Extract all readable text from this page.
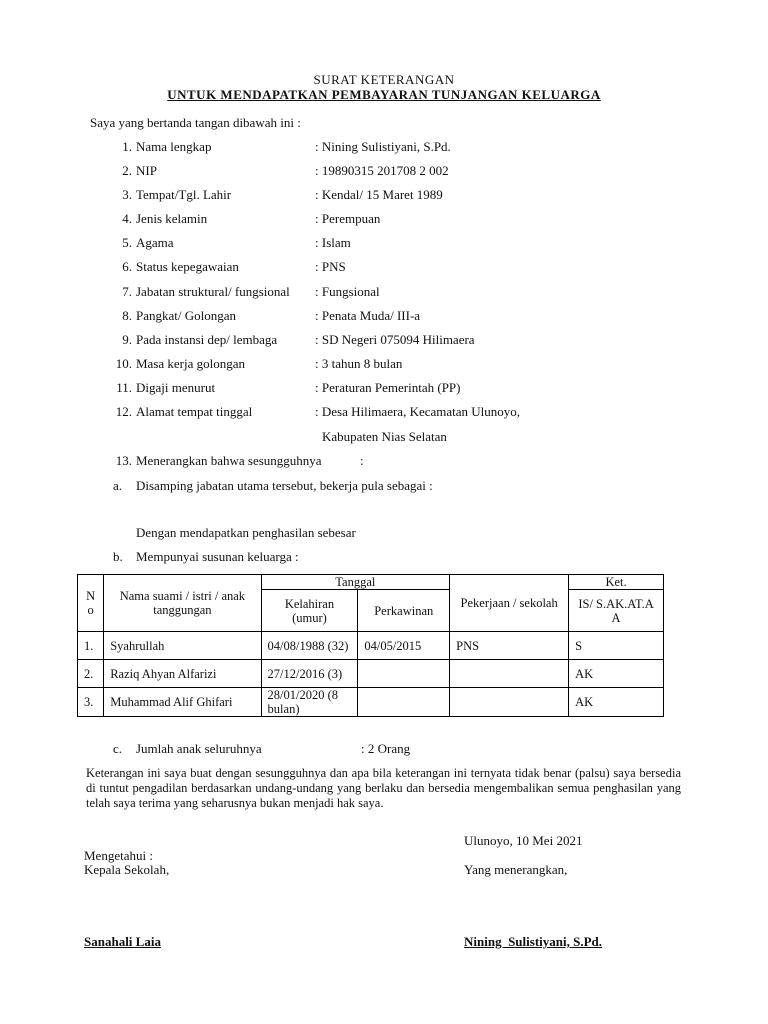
SURAT KETERANGAN
UNTUK MENDAPATKAN PEMBAYARAN TUNJANGAN KELUARGA
Saya yang bertanda tangan dibawah ini :
1. Nama lengkap	: Nining Sulistiyani, S.Pd.
2. NIP	: 19890315 201708 2 002
3. Tempat/Tgl. Lahir	: Kendal/ 15 Maret 1989
4. Jenis kelamin	: Perempuan
5. Agama	: Islam
6. Status kepegawaian	: PNS
7. Jabatan struktural/ fungsional : Fungsional
8. Pangkat/ Golongan	: Penata Muda/ III-a
9. Pada instansi dep/ lembaga	: SD Negeri 075094 Hilimaera
10. Masa kerja golongan	: 3 tahun 8 bulan
11. Digaji menurut	: Peraturan Pemerintah (PP)
12. Alamat tempat tinggal	: Desa Hilimaera, Kecamatan Ulunoyo,
Kabupaten Nias Selatan
13. Menerangkan bahwa sesungguhnya	:
a. Disamping jabatan utama tersebut, bekerja pula sebagai :
Dengan mendapatkan penghasilan sebesar
b. Mempunyai susunan keluarga :
N o	Nama suami / istri / anak tanggungan	Tanggal		Pekerjaan / sekolah	Ket.
		Kelahiran (umur)	Perkawinan		IS/ S.AK.AT.A A
1.	Syahrullah	04/08/1988 (32)	04/05/2015	PNS	S
2.	Raziq Ahyan Alfarizi	27/12/2016 (3)			AK
3.	Muhammad Alif Ghifari	28/01/2020 (8 bulan)			AK
c. Jumlah anak seluruhnya	: 2 Orang
Keterangan ini saya buat dengan sesungguhnya dan apa bila keterangan ini ternyata tidak benar (palsu) saya bersedia di tuntut pengadilan berdasarkan undang-undang yang berlaku dan bersedia mengembalikan semua penghasilan yang telah saya terima yang seharusnya bukan menjadi hak saya.
Ulunoyo, 10 Mei 2021
Mengetahui :
Kepala Sekolah,	Yang menerangkan,
Sanahali Laia	Nining  Sulistiyani, S.Pd.
